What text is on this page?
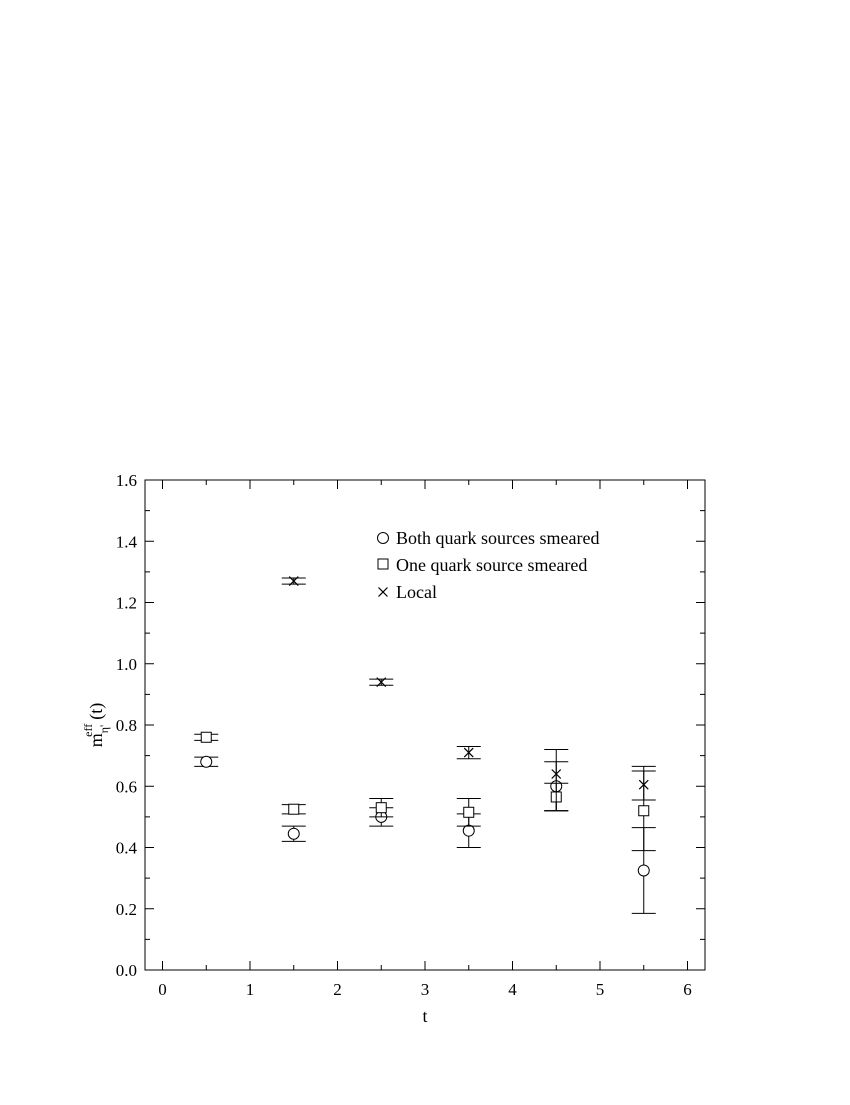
0	1	2	3	4	5	6
0.0
0.2
0.4
0.6
0.8
1.0
1.2
1.4
1.6
t
$m_{\eta'}eff(t)$
Both quark sources smeared
One quark source smeared
Local
